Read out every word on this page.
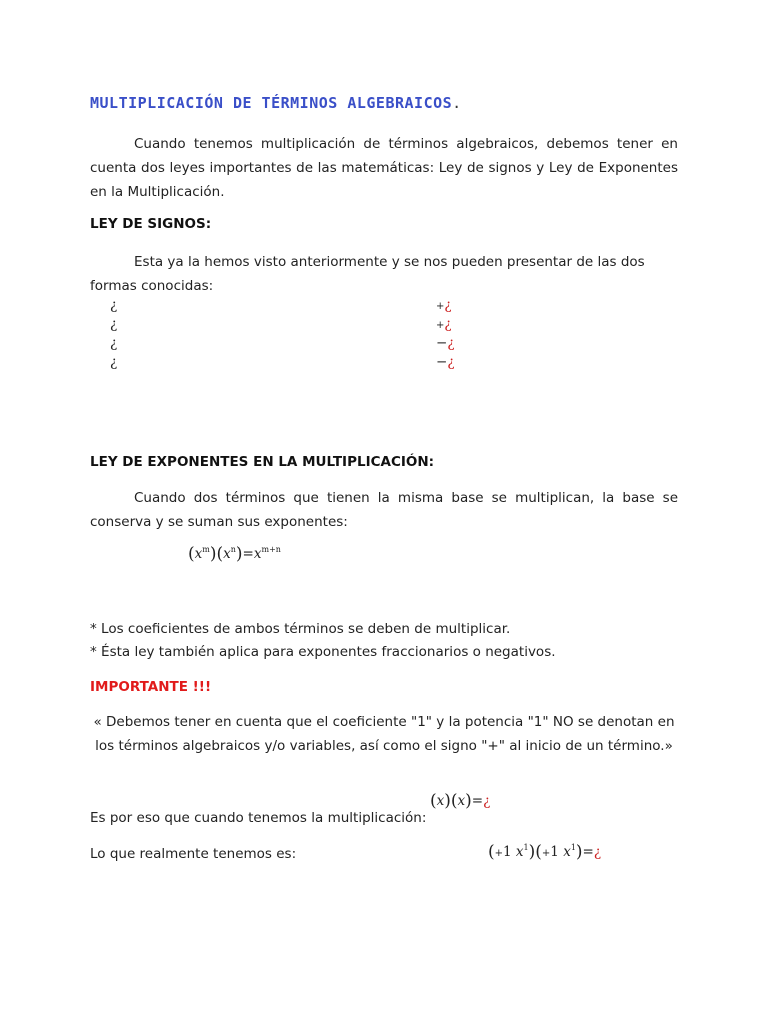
MULTIPLICACIÓN DE TÉRMINOS ALGEBRAICOS.
Cuando tenemos multiplicación de términos algebraicos, debemos tener en cuenta dos leyes importantes de las matemáticas: Ley de signos y Ley de Exponentes en la Multiplicación.
LEY DE SIGNOS:
Esta ya la hemos visto anteriormente y se nos pueden presentar de las dos formas conocidas:
¿	+¿
¿	+¿
¿	−¿
¿	−¿
LEY DE EXPONENTES EN LA MULTIPLICACIÓN:
Cuando dos términos que tienen la misma base se multiplican, la base se conserva y se suman sus exponentes:
$(x^m)(x^n)=x^{m+n}$
* Los coeficientes de ambos términos se deben de multiplicar.
* Ésta ley también aplica para exponentes fraccionarios o negativos.
IMPORTANTE !!!
« Debemos tener en cuenta que el coeficiente "1" y la potencia "1" NO se denotan en los términos algebraicos y/o variables, así como el signo "+" al inicio de un término.»
(x)(x)=¿
Es por eso que cuando tenemos la multiplicación:
Lo que realmente tenemos es:	(+1 $x^1)(+1$ $x^1)=¿$
